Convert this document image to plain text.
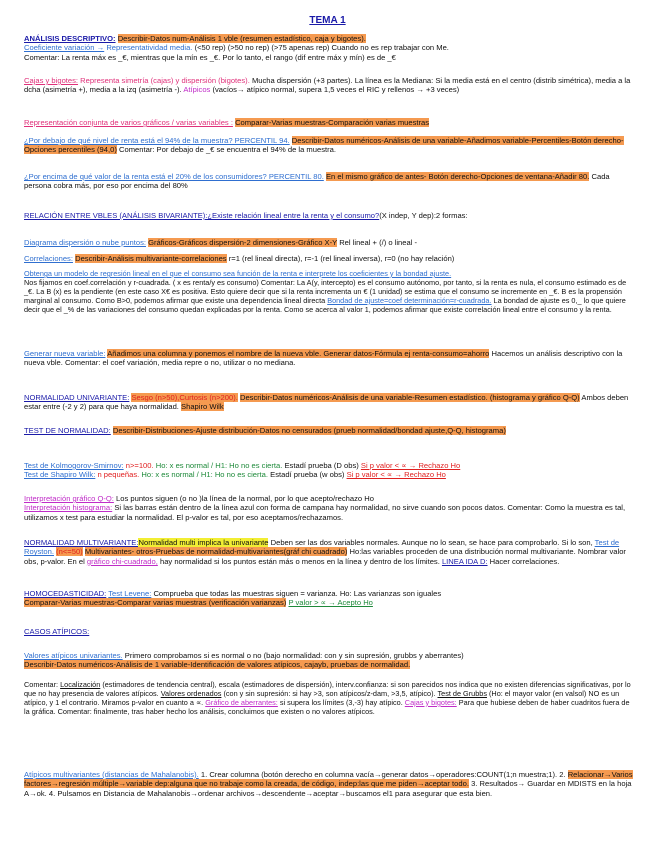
TEMA 1

ANÁLISIS DESCRIPTIVO: Describir-Datos num-Análisis 1 vble (resumen estadístico, caja y bigotes).
Coeficiente variación → Representatividad media. (<50 rep) (>50 no rep) (>75 apenas rep) Cuando no es rep trabajar con Me.
Comentar: La renta máx es _€, mientras que la mín es _€. Por lo tanto, el rango (dif entre máx y mín) es de _€

Cajas y bigotes: Representa simetría (cajas) y dispersión (bigotes). Mucha dispersión (+3 partes). La línea es la Mediana: Si la media está en el centro (distrib simétrica), media a la dcha (asimetría +), media a la izq (asimetría -). Atípicos (vacíos→ atípico normal, supera 1,5 veces el RIC y rellenos → +3 veces)

Representación conjunta de varios gráficos / varias variables : Comparar-Varias muestras-Comparación varias muestras

¿Por debajo de qué nivel de renta está el 94% de la muestra? PERCENTIL 94. Describir-Datos numéricos-Análisis de una variable-Añadimos variable-Percentiles-Botón derecho-Opciones percentiles (94,0) Comentar: Por debajo de _€ se encuentra el 94% de la muestra.

¿Por encima de qué valor de la renta está el 20% de los consumidores? PERCENTIL 80. En el mismo gráfico de antes- Botón derecho-Opciones de ventana-Añadir 80. Cada persona cobra más, por eso por encima del 80%

RELACIÓN ENTRE VBLES (ANÁLISIS BIVARIANTE):¿Existe relación lineal entre la renta y el consumo?(X indep, Y dep):2 formas:

Diagrama dispersión o nube puntos: Gráficos-Gráficos dispersión-2 dimensiones-Gráfico X-Y Rel lineal + (/) o lineal -

Correlaciones: Describir-Análisis multivariante-correlaciones r=1 (rel lineal directa), r=-1 (rel lineal inversa), r=0 (no hay relación)

Obtenga un modelo de regresión lineal en el que el consumo sea función de la renta e interprete los coeficientes y la bondad ajuste.
Nos fijamos en coef.correlación y r-cuadrada. ( x es renta/y es consumo) Comentar: La A(y, intercepto) es el consumo autónomo, por tanto, si la renta es nula, el consumo estimado es de _€. La B (x) es la pendiente (en este caso X€ es positiva. Esto quiere decir que si la renta incrementa un € (1 unidad) se estima que el consumo se incremente en _€. B es la propensión marginal al consumo. Como B>0, podemos afirmar que existe una dependencia lineal directa Bondad de ajuste=coef determinación=r-cuadrada. La bondad de ajuste es 0,_ lo que quiere decir que el _% de las variaciones del consumo quedan explicadas por la renta. Como se acerca al valor 1, podemos afirmar que existe correlación lineal entre el consumo y la renta.

Generar nueva variable: Añadimos una columna y ponemos el nombre de la nueva vble. Generar datos-Fórmula ej renta-consumo=ahorro Hacemos un análisis descriptivo con la nueva vble. Comentar: el coef variación, media repre o no, utilizar o no mediana.

NORMALIDAD UNIVARIANTE: Sesgo (n>50),Curtosis (n>200). Describir-Datos numéricos-Análisis de una variable-Resumen estadístico. (histograma y gráfico Q-Q) Ambos deben estar entre (-2 y 2) para que haya normalidad. Shapiro Wilk

TEST DE NORMALIDAD: Describir-Distribuciones-Ajuste distribución-Datos no censurados (prueb normalidad/bondad ajuste,Q-Q, histograma)

Test de Kolmogorov-Smirnov: n>=100. Ho: x es normal / H1: Ho no es cierta. Estadí prueba (D obs) Si p valor < ∝ → Rechazo Ho
Test de Shapiro Wilk: n pequeñas. Ho: x es normal / H1: Ho no es cierta. Estadí prueba (w obs) Si p valor < ∝ → Rechazo Ho

Interpretación gráfico Q-Q: Los puntos siguen (o no )la línea de la normal, por lo que acepto/rechazo Ho
Interpretación histograma: Si las barras están dentro de la línea azul con forma de campana hay normalidad, no sirve cuando son pocos datos. Comentar: Como la muestra es tal, utilizamos x test para estudiar la normalidad. El p-valor es tal, por eso aceptamos/rechazamos.

NORMALIDAD MULTIVARIANTE:Normalidad multi implica la univariante Deben ser las dos variables normales. Aunque no lo sean, se hace para comprobarlo. Si lo son, Test de Royston. (n<=50) Multivariantes- otros-Pruebas de normalidad-multivariantes(gráf chi cuadrado) Ho:las variables proceden de una distribución normal multivariante. Nombrar valor obs, p-valor. En el gráfico chi-cuadrado, hay normalidad si los puntos están más o menos en la línea y dentro de los límites. LINEA IDA D: Hacer correlaciones.

HOMOCEDASTICIDAD: Test Levene: Comprueba que todas las muestras siguen = varianza. Ho: Las varianzas son iguales
Comparar-Varias muestras-Comparar varias muestras (verificación varianzas) P valor > ∝ → Acepto Ho

CASOS ATÍPICOS:

Valores atípicos univariantes. Primero comprobamos si es normal o no (bajo normalidad: con y sin supresión, grubbs y aberrantes)
Describir-Datos numéricos-Análisis de 1 variable-Identificación de valores atípicos, cajayb, pruebas de normalidad.

Comentar: Localización (estimadores de tendencia central), escala (estimadores de dispersión), interv.confianza: si son parecidos nos indica que no existen diferencias significativas, por lo que no hay presencia de valores atípicos. Valores ordenados (con y sin supresión: si hay >3, son atípicos/z-dam, >3,5, atípico). Test de Grubbs (Ho: el mayor valor (en valsol) NO es un atípico, y 1 el contrario. Miramos p-valor en cuanto a ∝. Gráfico de aberrantes: si supera los límites (3,-3) hay atípico. Cajas y bigotes: Para que hubiese deben de haber cuadritos fuera de la gráfica. Comentar: finalmente, tras haber hecho los análisis, concluimos que existen o no valores atípicos.

Atípicos multivariantes (distancias de Mahalanobis). 1. Crear columna (botón derecho en columna vacía→generar datos→operadores:COUNT(1;n muestra;1). 2. Relacionar→Varios factores→regresión múltiple→variable dep:alguna que no trabaje como la creada, de código, indep:las que me piden→aceptar todo. 3. Resultados→ Guardar en MDISTS en la hoja A→ok. 4. Pulsamos en Distancia de Mahalanobis→ordenar archivos→descendente→aceptar→buscamos el1 para asegurar que esta bien.
